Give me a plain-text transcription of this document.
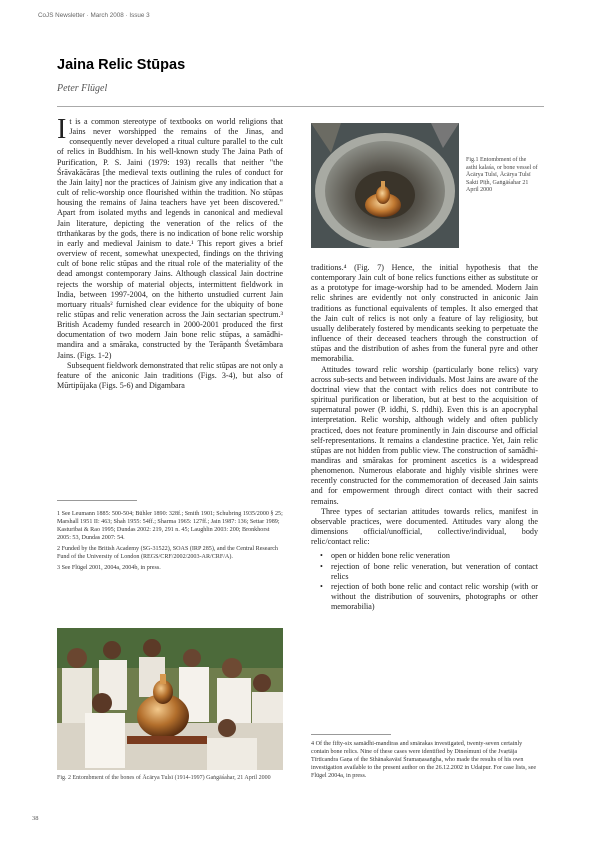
CoJS Newsletter · March 2008 · Issue 3
Jaina Relic Stūpas
Peter Flügel

It is a common stereotype of textbooks on world religions that Jains never worshipped the remains of the Jinas, and consequently never developed a ritual culture parallel to the cult of relics in Buddhism. In his well-known study The Jaina Path of Purification, P. S. Jaini (1979: 193) recalls that neither "the Śrāvakācāras [the medieval texts outlining the rules of conduct for the Jain laity] nor the practices of Jainism give any indication that a cult of relic-worship once flourished within the tradition. No stūpas housing the remains of Jaina teachers have yet been discovered." Apart from isolated myths and legends in canonical and medieval Jain literature, depicting the veneration of the relics of the tīrthaṅkaras by the gods, there is no indication of bone relic worship in early and medieval Jainism to date.¹ This report gives a brief overview of recent, somewhat unexpected, findings on the thriving cult of bone relic stūpas and the ritual role of the materiality of the dead amongst contemporary Jains. Although classical Jain doctrine rejects the worship of material objects, intermittent fieldwork in India, between 1997-2004, on the hitherto unstudied current Jain mortuary rituals² furnished clear evidence for the ubiquity of bone relic stūpas and relic veneration across the Jain sectarian spectrum.³ British Academy funded research in 2000-2001 produced the first documentation of two modern Jain bone relic stūpas, a samādhi-mandira and a smāraka, constructed by the Terāpanth Śvetāmbara Jains. (Figs. 1-2)

Subsequent fieldwork demonstrated that relic stūpas are not only a feature of the aniconic Jain traditions (Figs. 3-4), but also of Mūrtipūjaka (Figs. 5-6) and Digambara

1 See Leumann 1885: 500-504; Bühler 1890: 328f.; Smith 1901; Schubring 1935/2000 § 25; Marshall 1951 II: 463; Shah 1955: 54ff.; Sharma 1965: 127ff.; Jain 1987: 136; Settar 1989; Kasturibai & Rao 1995; Dundas 2002: 219, 291 n. 45; Laughlin 2003: 200; Bronkhorst 2005: 53, Dundas 2007: 54.

2 Funded by the British Academy (SG-31522), SOAS (IRP 285), and the Central Research Fund of the University of London (REGS/CRF/2002/2003-AR/CRF/A).

3 See Flügel 2001, 2004a, 2004b, in press.

Fig.1 Entombment of the asthi kalaśa, or bone vessel of Ācārya Tulsī, Ācārya Tulsī Sakti Pīṭh, Gaṅgāśahar 21 April 2000

traditions.⁴ (Fig. 7) Hence, the initial hypothesis that the contemporary Jain cult of bone relics functions either as substitute or as a prototype for image-worship had to be amended. Modern Jain relic shrines are evidently not only constructed in aniconic Jain traditions as functional equivalents of temples. It also emerged that the Jain cult of relics is not only a feature of lay religiosity, but usually deliberately fostered by mendicants seeking to perpetuate the influence of their deceased teachers through the construction of stūpas and the distribution of ashes from the funeral pyre and other memorabilia.

Attitudes toward relic worship (particularly bone relics) vary across sub-sects and between individuals. Most Jains are aware of the doctrinal view that the contact with relics does not contribute to spiritual purification or liberation, but at best to the acquisition of supernatural power (P. iddhi, S. ṛddhi). Even this is an apocryphal interpretation. Relic worship, although widely and often publicly practiced, does not feature prominently in Jain discourse and official self-representations. It remains a clandestine practice. Yet, Jain relic stūpas are not hidden from public view. The construction of samādhi-mandiras and smārakas for prominent ascetics is a widespread phenomenon. Numerous elaborate and highly visible shrines were recently constructed for the commemoration of deceased Jain saints and for empowerment through direct contact with their sacred remains.

Three types of sectarian attitudes towards relics, manifest in observable practices, were documented. Attitudes vary along the dimensions official/unofficial, collective/individual, body relic/contact relic:

• open or hidden bone relic veneration
• rejection of bone relic veneration, but veneration of contact relics
• rejection of both bone relic and contact relic worship (with or without the distribution of souvenirs, photographs or other memorabilia)

4 Of the fifty-six samādhi-mandiras and smārakas investigated, twenty-seven certainly contain bone relics. Nine of these cases were identified by Dineśmuni of the Jvaṛtāja Tīrtīcandra Gaṇa of the Sthānakavāsī Śramaṇasaṅgha, who made the results of his own investigation available to the present author on the 26.12.2002 in Udaipur. For case lists, see Flügel 2004a, in press.

Fig. 2 Entombment of the bones of Ācārya Tulsī (1914-1997) Gaṅgāśahar, 21 April 2000
38
